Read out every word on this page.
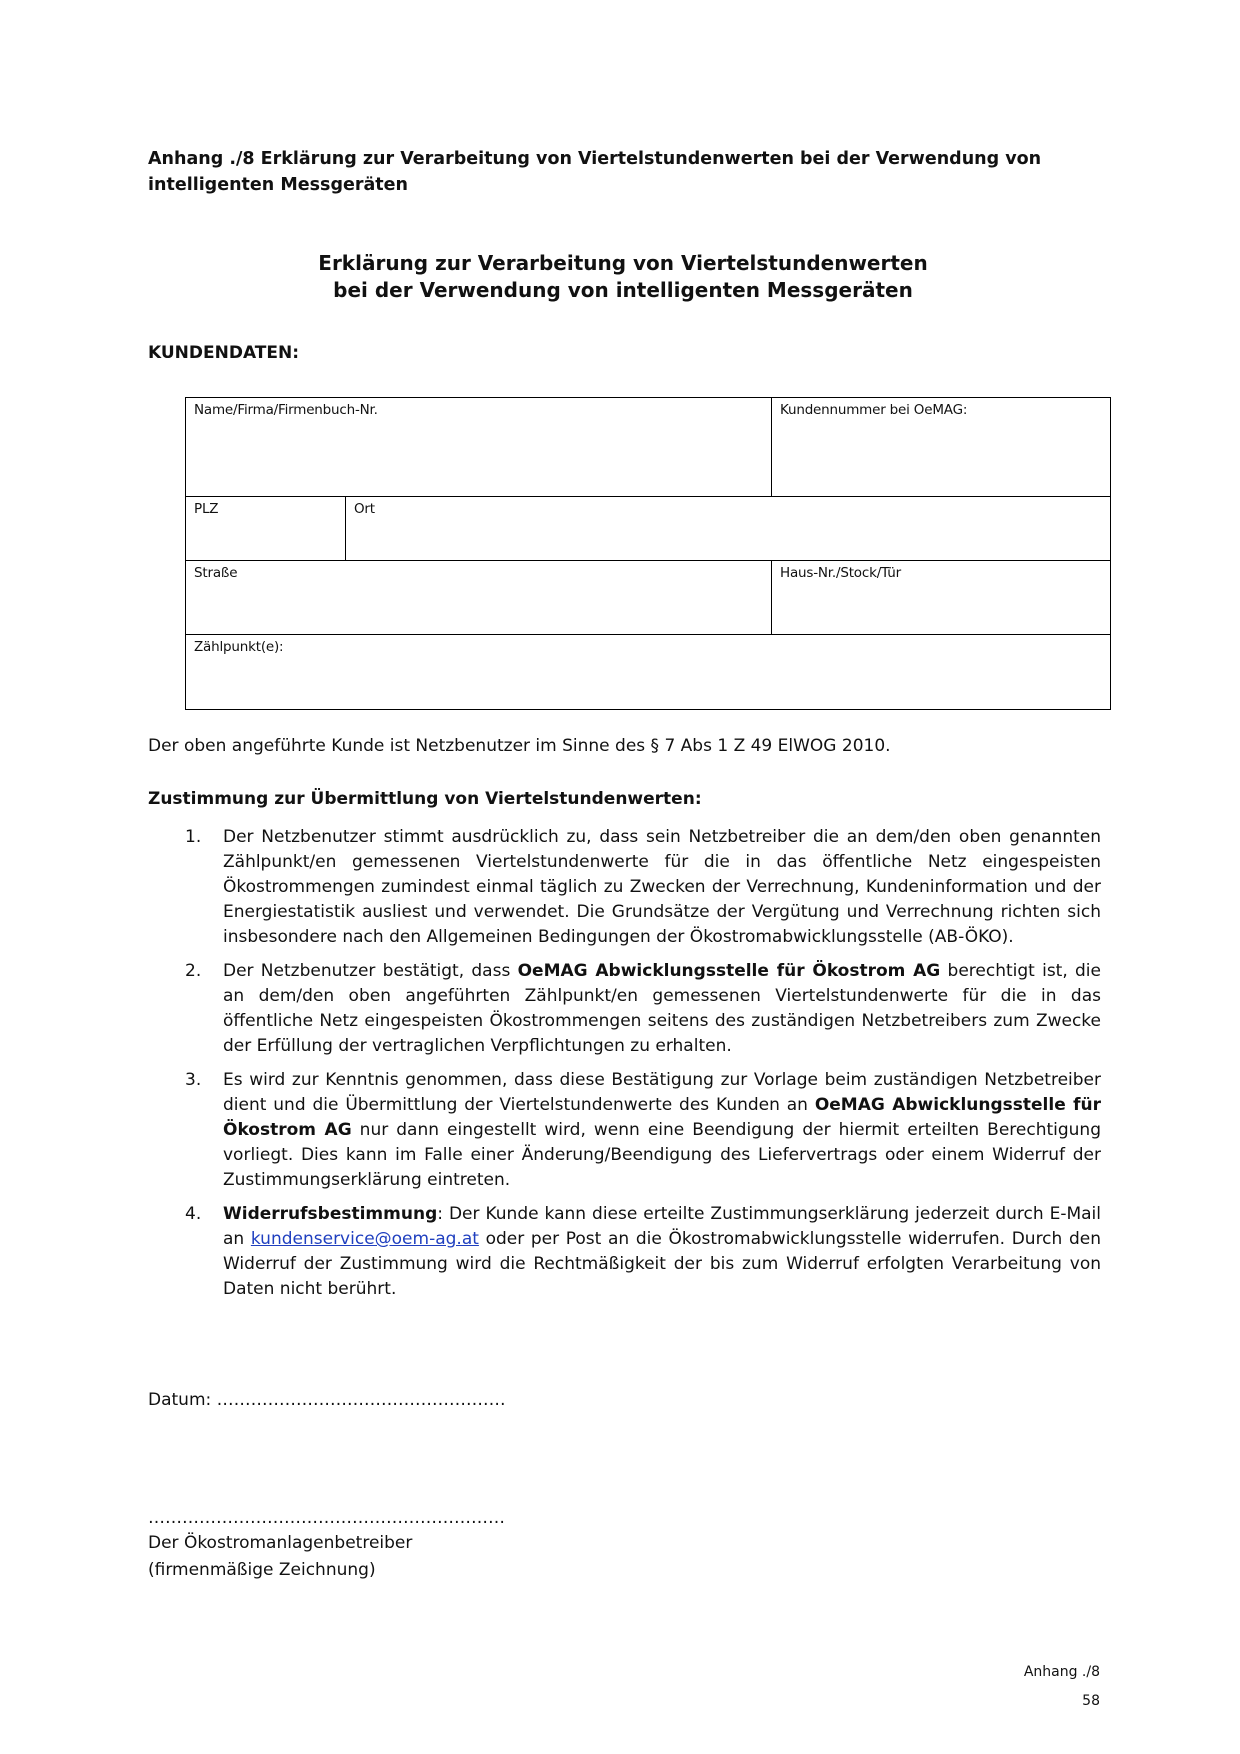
Anhang ./8 Erklärung zur Verarbeitung von Viertelstundenwerten bei der Verwendung von intelligenten Messgeräten
Erklärung zur Verarbeitung von Viertelstundenwerten
bei der Verwendung von intelligenten Messgeräten
KUNDENDATEN:
Name/Firma/Firmenbuch-Nr.	Kundennummer bei OeMAG:
PLZ	Ort
Straße	Haus-Nr./Stock/Tür
Zählpunkt(e):
Der oben angeführte Kunde ist Netzbenutzer im Sinne des § 7 Abs 1 Z 49 ElWOG 2010.
Zustimmung zur Übermittlung von Viertelstundenwerten:
1. Der Netzbenutzer stimmt ausdrücklich zu, dass sein Netzbetreiber die an dem/den oben genannten Zählpunkt/en gemessenen Viertelstundenwerte für die in das öffentliche Netz eingespeisten Ökostrommengen zumindest einmal täglich zu Zwecken der Verrechnung, Kundeninformation und der Energiestatistik ausliest und verwendet. Die Grundsätze der Vergütung und Verrechnung richten sich insbesondere nach den Allgemeinen Bedingungen der Ökostromabwicklungsstelle (AB-ÖKO).
2. Der Netzbenutzer bestätigt, dass OeMAG Abwicklungsstelle für Ökostrom AG berechtigt ist, die an dem/den oben angeführten Zählpunkt/en gemessenen Viertelstundenwerte für die in das öffentliche Netz eingespeisten Ökostrommengen seitens des zuständigen Netzbetreibers zum Zwecke der Erfüllung der vertraglichen Verpflichtungen zu erhalten.
3. Es wird zur Kenntnis genommen, dass diese Bestätigung zur Vorlage beim zuständigen Netzbetreiber dient und die Übermittlung der Viertelstundenwerte des Kunden an OeMAG Abwicklungsstelle für Ökostrom AG nur dann eingestellt wird, wenn eine Beendigung der hiermit erteilten Berechtigung vorliegt. Dies kann im Falle einer Änderung/Beendigung des Liefervertrags oder einem Widerruf der Zustimmungserklärung eintreten.
4. Widerrufsbestimmung: Der Kunde kann diese erteilte Zustimmungserklärung jederzeit durch E-Mail an kundenservice@oem-ag.at oder per Post an die Ökostromabwicklungsstelle widerrufen. Durch den Widerruf der Zustimmung wird die Rechtmäßigkeit der bis zum Widerruf erfolgten Verarbeitung von Daten nicht berührt.
Datum: ……………………………………………
………………………………………………………
Der Ökostromanlagenbetreiber
(firmenmäßige Zeichnung)
Anhang ./8
58
